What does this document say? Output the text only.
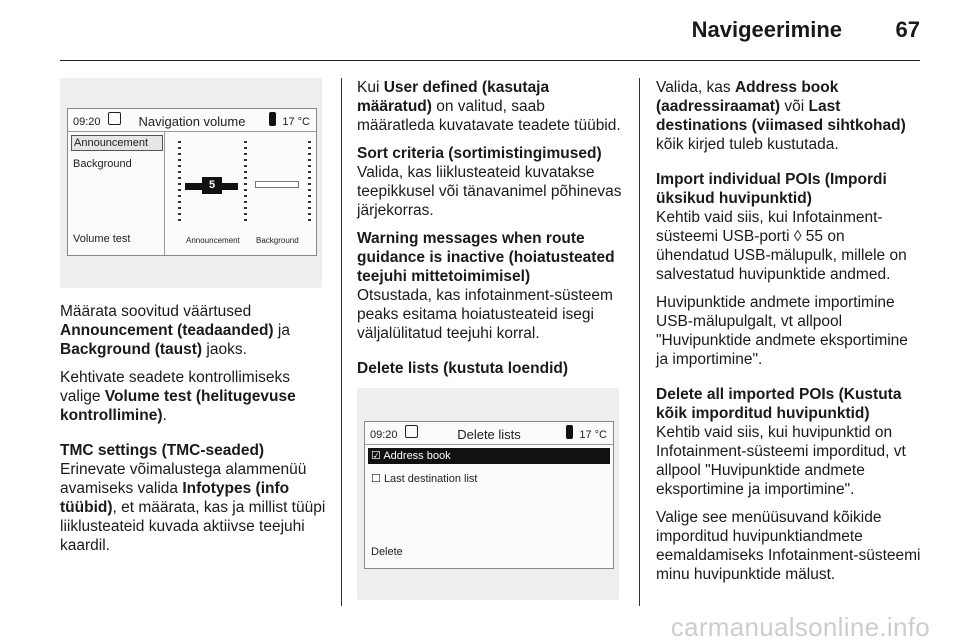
Navigeerimine 67
09:20	Navigation volume	17 °C
Announcement
Background
Volume test
5
Announcement Background

Määrata soovitud väärtused
Announcement (teadaanded) ja
Background (taust) jaoks.

Kehtivate seadete kontrollimiseks valige Volume test (helitugevuse kontrollimine).

TMC settings (TMC-seaded)
Erinevate võimalustega alammenüü avamiseks valida Infotypes (info tüübid), et määrata, kas ja millist tüüpi liiklusteateid kuvada aktiivse teejuhi kaardil.

Kui User defined (kasutaja määratud) on valitud, saab määratleda kuvatavate teadete tüübid.

Sort criteria (sortimistingimused)
Valida, kas liiklusteateid kuvatakse teepikkusel või tänavanimel põhinevas järjekorras.

Warning messages when route guidance is inactive (hoiatusteated teejuhi mittetoimimisel)
Otsustada, kas infotainment-süsteem peaks esitama hoiatusteateid isegi väljalülitatud teejuhi korral.

Delete lists (kustuta loendid)

09:20	Delete lists	17 °C
☑ Address book
☐ Last destination list
Delete

Valida, kas Address book (aadressiraamat) või Last destinations (viimased sihtkohad) kõik kirjed tuleb kustutada.

Import individual POIs (Impordi üksikud huvipunktid)
Kehtib vaid siis, kui Infotainment-süsteemi USB-porti ◊ 55 on ühendatud USB-mälupulk, millele on salvestatud huvipunktide andmed.

Huvipunktide andmete importimine USB-mälupulgalt, vt allpool "Huvipunktide andmete eksportimine ja importimine".

Delete all imported POIs (Kustuta kõik imporditud huvipunktid)
Kehtib vaid siis, kui huvipunktid on Infotainment-süsteemi imporditud, vt allpool "Huvipunktide andmete eksportimine ja importimine".

Valige see menüüsuvand kõikide imporditud huvipunktiandmete eemaldamiseks Infotainment-süsteemi minu huvipunktide mälust.

carmanualsonline.info
